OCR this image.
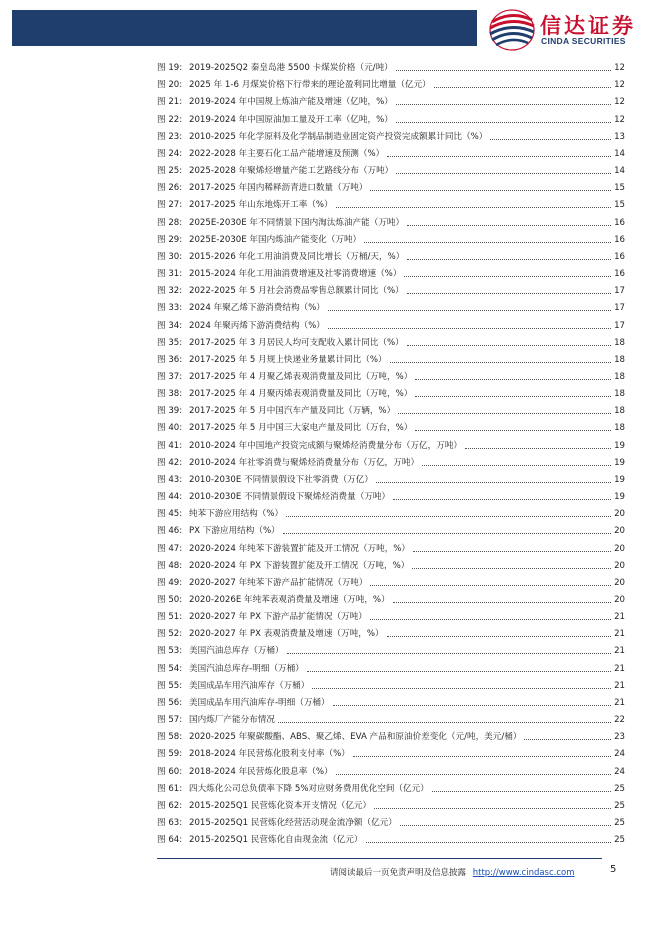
信达证券
CINDA SECURITIES
图 19: 2019-2025Q2 秦皇岛港 5500 卡煤炭价格（元/吨）	12
图 20: 2025 年 1-6 月煤炭价格下行带来的理论盈利同比增量（亿元）	12
图 21: 2019-2024 年中国规上炼油产能及增速（亿吨，%）	12
图 22: 2019-2024 年中国原油加工量及开工率（亿吨，%）	12
图 23: 2010-2025 年化学原料及化学制品制造业固定资产投资完成额累计同比（%）	13
图 24: 2022-2028 年主要石化工品产能增速及预测（%）	14
图 25: 2025-2028 年聚烯烃增量产能工艺路线分布（万吨）	14
图 26: 2017-2025 年国内稀释沥青进口数量（万吨）	15
图 27: 2017-2025 年山东地炼开工率（%）	15
图 28: 2025E-2030E 年不同情景下国内淘汰炼油产能（万吨）	16
图 29: 2025E-2030E 年国内炼油产能变化（万吨）	16
图 30: 2015-2026 年化工用油消费及同比增长（万桶/天，%）	16
图 31: 2015-2024 年化工用油消费增速及社零消费增速（%）	16
图 32: 2022-2025 年 5 月社会消费品零售总额累计同比（%）	17
图 33: 2024 年聚乙烯下游消费结构（%）	17
图 34: 2024 年聚丙烯下游消费结构（%）	17
图 35: 2017-2025 年 3 月居民人均可支配收入累计同比（%）	18
图 36: 2017-2025 年 5 月规上快递业务量累计同比（%）	18
图 37: 2017-2025 年 4 月聚乙烯表观消费量及同比（万吨，%）	18
图 38: 2017-2025 年 4 月聚丙烯表观消费量及同比（万吨，%）	18
图 39: 2017-2025 年 5 月中国汽车产量及同比（万辆，%）	18
图 40: 2017-2025 年 5 月中国三大家电产量及同比（万台，%）	18
图 41: 2010-2024 年中国地产投资完成额与聚烯烃消费量分布（万亿，万吨）	19
图 42: 2010-2024 年社零消费与聚烯烃消费量分布（万亿，万吨）	19
图 43: 2010-2030E 不同情景假设下社零消费（万亿）	19
图 44: 2010-2030E 不同情景假设下聚烯烃消费量（万吨）	19
图 45: 纯苯下游应用结构（%）	20
图 46: PX 下游应用结构（%）	20
图 47: 2020-2024 年纯苯下游装置扩能及开工情况（万吨，%）	20
图 48: 2020-2024 年 PX 下游装置扩能及开工情况（万吨，%）	20
图 49: 2020-2027 年纯苯下游产品扩能情况（万吨）	20
图 50: 2020-2026E 年纯苯表观消费量及增速（万吨，%）	20
图 51: 2020-2027 年 PX 下游产品扩能情况（万吨）	21
图 52: 2020-2027 年 PX 表观消费量及增速（万吨，%）	21
图 53: 美国汽油总库存（万桶）	21
图 54: 美国汽油总库存-明细（万桶）	21
图 55: 美国成品车用汽油库存（万桶）	21
图 56: 美国成品车用汽油库存-明细（万桶）	21
图 57: 国内炼厂产能分布情况	22
图 58: 2020-2025 年聚碳酸酯、ABS、聚乙烯、EVA 产品和原油价差变化（元/吨，美元/桶）	23
图 59: 2018-2024 年民营炼化股利支付率（%）	24
图 60: 2018-2024 年民营炼化股息率（%）	24
图 61: 四大炼化公司总负债率下降 5%对应财务费用优化空间（亿元）	25
图 62: 2015-2025Q1 民营炼化资本开支情况（亿元）	25
图 63: 2015-2025Q1 民营炼化经营活动现金流净额（亿元）	25
图 64: 2015-2025Q1 民营炼化自由现金流（亿元）	25
请阅读最后一页免责声明及信息披露 http://www.cindasc.com	5
